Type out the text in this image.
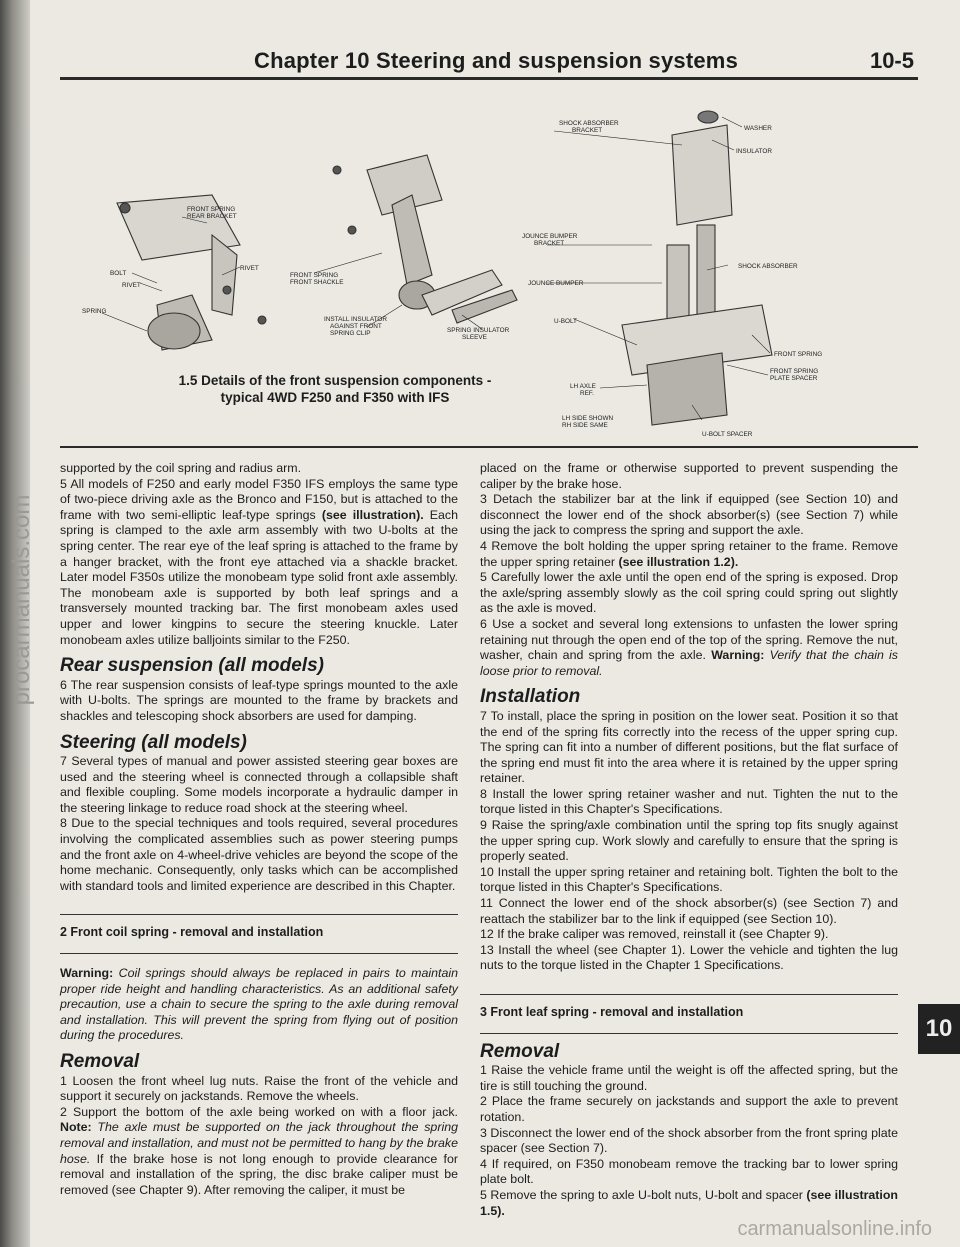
procarmanuals.com
Chapter 10 Steering and suspension systems	10-5
FRONT SPRING
REAR BRACKET
BOLT
RIVET
RIVET
SPRING
FRONT SPRING
FRONT SHACKLE
INSTALL INSULATOR
AGAINST FRONT
SPRING CLIP	SPRING INSULATOR
SLEEVE
SHOCK ABSORBER
BRACKET	WASHER
INSULATOR
JOUNCE BUMPER
BRACKET
JOUNCE BUMPER
SHOCK ABSORBER
U-BOLT
FRONT SPRING
FRONT SPRING
PLATE SPACER
LH AXLE
REF.
LH SIDE SHOWN
RH SIDE SAME
U-BOLT SPACER
1.5 Details of the front suspension components -
typical 4WD F250 and F350 with IFS

supported by the coil spring and radius arm.

5 All models of F250 and early model F350 IFS employs the same type of two-piece driving axle as the Bronco and F150, but is attached to the frame with two semi-elliptic leaf-type springs (see illustration). Each spring is clamped to the axle arm assembly with two U-bolts at the spring center. The rear eye of the leaf spring is attached to the frame by a hanger bracket, with the front eye attached via a shackle bracket. Later model F350s utilize the monobeam type solid front axle assembly. The monobeam axle is supported by both leaf springs and a transversely mounted tracking bar. The first monobeam axles used upper and lower kingpins to secure the steering knuckle. Later monobeam axles utilize balljoints similar to the F250.

Rear suspension (all models)

6 The rear suspension consists of leaf-type springs mounted to the axle with U-bolts. The springs are mounted to the frame by brackets and shackles and telescoping shock absorbers are used for damping.

Steering (all models)

7 Several types of manual and power assisted steering gear boxes are used and the steering wheel is connected through a collapsible shaft and flexible coupling. Some models incorporate a hydraulic damper in the steering linkage to reduce road shock at the steering wheel.

8 Due to the special techniques and tools required, several procedures involving the complicated assemblies such as power steering pumps and the front axle on 4-wheel-drive vehicles are beyond the scope of the home mechanic. Consequently, only tasks which can be accomplished with standard tools and limited experience are described in this Chapter.

2 Front coil spring - removal and installation

Warning: Coil springs should always be replaced in pairs to maintain proper ride height and handling characteristics. As an additional safety precaution, use a chain to secure the spring to the axle during removal and installation. This will prevent the spring from flying out of position during the procedures.

Removal

1 Loosen the front wheel lug nuts. Raise the front of the vehicle and support it securely on jackstands. Remove the wheels.

2 Support the bottom of the axle being worked on with a floor jack. Note: The axle must be supported on the jack throughout the spring removal and installation, and must not be permitted to hang by the brake hose. If the brake hose is not long enough to provide clearance for removal and installation of the spring, the disc brake caliper must be removed (see Chapter 9). After removing the caliper, it must be

placed on the frame or otherwise supported to prevent suspending the caliper by the brake hose.

3 Detach the stabilizer bar at the link if equipped (see Section 10) and disconnect the lower end of the shock absorber(s) (see Section 7) while using the jack to compress the spring and support the axle.

4 Remove the bolt holding the upper spring retainer to the frame. Remove the upper spring retainer (see illustration 1.2).

5 Carefully lower the axle until the open end of the spring is exposed. Drop the axle/spring assembly slowly as the coil spring could spring out slightly as the axle is moved.

6 Use a socket and several long extensions to unfasten the lower spring retaining nut through the open end of the top of the spring. Remove the nut, washer, chain and spring from the axle. Warning: Verify that the chain is loose prior to removal.

Installation

7 To install, place the spring in position on the lower seat. Position it so that the end of the spring fits correctly into the recess of the upper spring cup. The spring can fit into a number of different positions, but the flat surface of the spring end must fit into the area where it is retained by the upper spring retainer.

8 Install the lower spring retainer washer and nut. Tighten the nut to the torque listed in this Chapter's Specifications.

9 Raise the spring/axle combination until the spring top fits snugly against the upper spring cup. Work slowly and carefully to ensure that the spring is properly seated.

10 Install the upper spring retainer and retaining bolt. Tighten the bolt to the torque listed in this Chapter's Specifications.

11 Connect the lower end of the shock absorber(s) (see Section 7) and reattach the stabilizer bar to the link if equipped (see Section 10).

12 If the brake caliper was removed, reinstall it (see Chapter 9).

13 Install the wheel (see Chapter 1). Lower the vehicle and tighten the lug nuts to the torque listed in the Chapter 1 Specifications.

3 Front leaf spring - removal and installation
Removal

1 Raise the vehicle frame until the weight is off the affected spring, but the tire is still touching the ground.

2 Place the frame securely on jackstands and support the axle to prevent rotation.

3 Disconnect the lower end of the shock absorber from the front spring plate spacer (see Section 7).

4 If required, on F350 monobeam remove the tracking bar to lower spring plate bolt.

5 Remove the spring to axle U-bolt nuts, U-bolt and spacer (see illustration 1.5).

10
carmanualsonline.info
